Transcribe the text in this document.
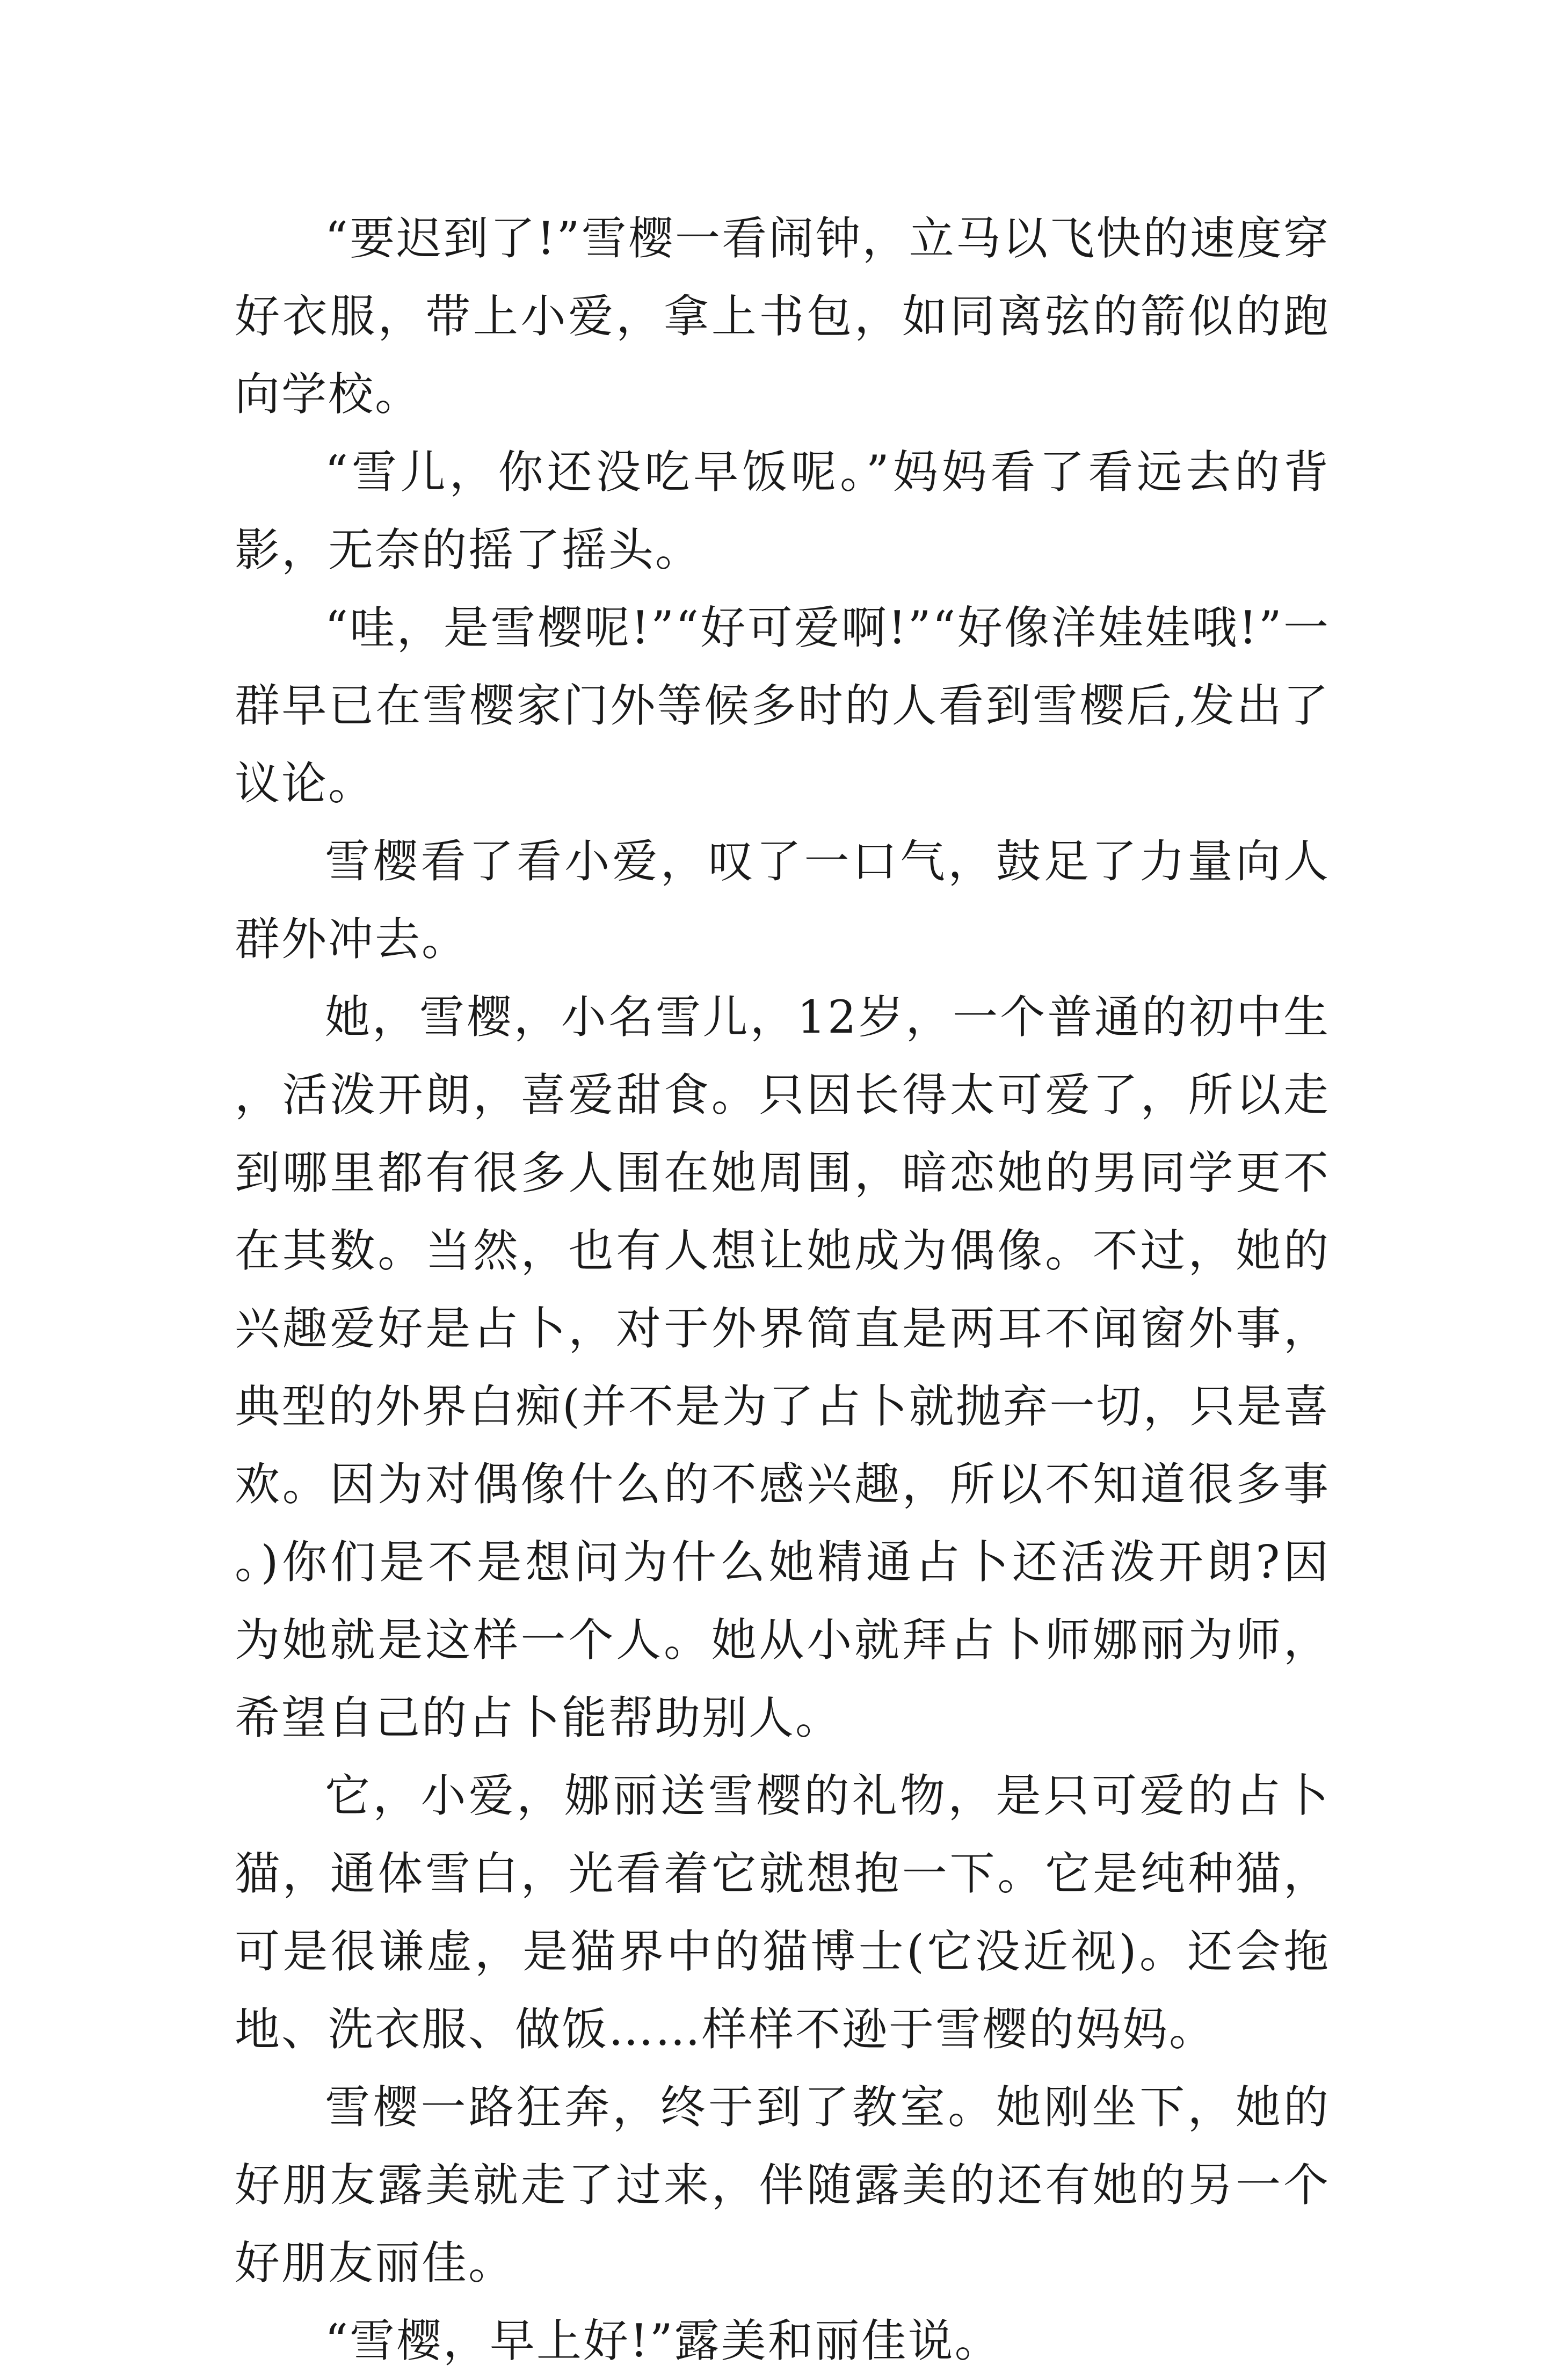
“要迟到了!”雪樱一看闹钟，立马以飞快的速度穿好衣服，带上小爱，拿上书包，如同离弦的箭似的跑向学校。

“雪儿，你还没吃早饭呢。”妈妈看了看远去的背影，无奈的摇了摇头。

“哇，是雪樱呢!”“好可爱啊!”“好像洋娃娃哦!”一群早已在雪樱家门外等候多时的人看到雪樱后,发出了议论。

雪樱看了看小爱，叹了一口气，鼓足了力量向人群外冲去。

她，雪樱，小名雪儿，12岁，一个普通的初中生，活泼开朗，喜爱甜食。只因长得太可爱了，所以走到哪里都有很多人围在她周围，暗恋她的男同学更不在其数。当然，也有人想让她成为偶像。不过，她的兴趣爱好是占卜，对于外界简直是两耳不闻窗外事，典型的外界白痴(并不是为了占卜就抛弃一切，只是喜欢。因为对偶像什么的不感兴趣，所以不知道很多事。)你们是不是想问为什么她精通占卜还活泼开朗?因为她就是这样一个人。她从小就拜占卜师娜丽为师，希望自己的占卜能帮助别人。

它，小爱，娜丽送雪樱的礼物，是只可爱的占卜猫，通体雪白，光看着它就想抱一下。它是纯种猫，可是很谦虚，是猫界中的猫博士(它没近视)。还会拖地、洗衣服、做饭……样样不逊于雪樱的妈妈。

雪樱一路狂奔，终于到了教室。她刚坐下，她的好朋友露美就走了过来，伴随露美的还有她的另一个好朋友丽佳。

“雪樱，早上好!”露美和丽佳说。
